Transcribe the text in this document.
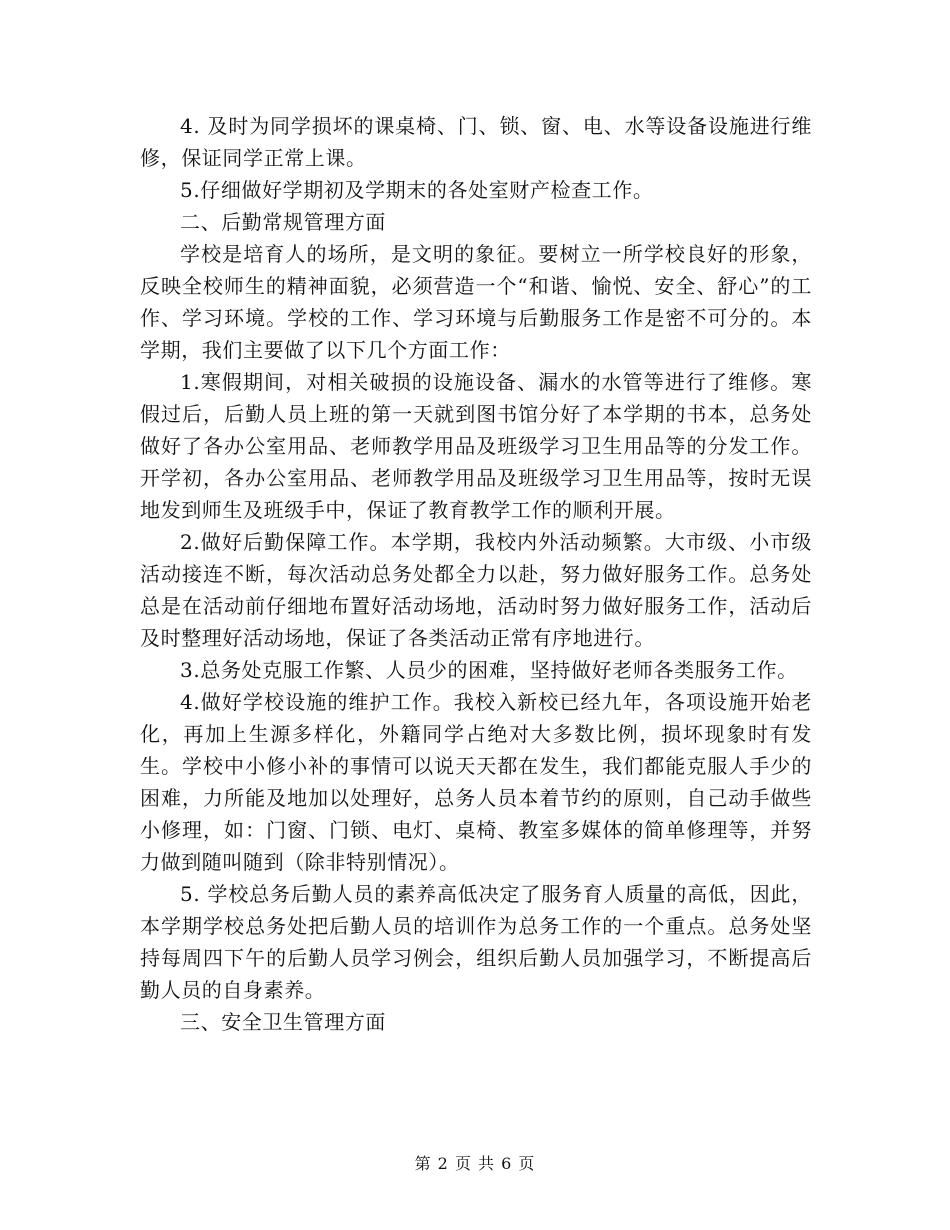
4. 及时为同学损坏的课桌椅、门、锁、窗、电、水等设备设施进行维修，保证同学正常上课。

5.仔细做好学期初及学期末的各处室财产检查工作。

二、后勤常规管理方面

学校是培育人的场所，是文明的象征。要树立一所学校良好的形象，反映全校师生的精神面貌，必须营造一个“和谐、愉悦、安全、舒心”的工作、学习环境。学校的工作、学习环境与后勤服务工作是密不可分的。本学期，我们主要做了以下几个方面工作：

1.寒假期间，对相关破损的设施设备、漏水的水管等进行了维修。寒假过后，后勤人员上班的第一天就到图书馆分好了本学期的书本，总务处做好了各办公室用品、老师教学用品及班级学习卫生用品等的分发工作。开学初，各办公室用品、老师教学用品及班级学习卫生用品等，按时无误地发到师生及班级手中，保证了教育教学工作的顺利开展。

2.做好后勤保障工作。本学期，我校内外活动频繁。大市级、小市级活动接连不断，每次活动总务处都全力以赴，努力做好服务工作。总务处总是在活动前仔细地布置好活动场地，活动时努力做好服务工作，活动后及时整理好活动场地，保证了各类活动正常有序地进行。

3.总务处克服工作繁、人员少的困难，坚持做好老师各类服务工作。

4.做好学校设施的维护工作。我校入新校已经九年，各项设施开始老化，再加上生源多样化，外籍同学占绝对大多数比例，损坏现象时有发生。学校中小修小补的事情可以说天天都在发生，我们都能克服人手少的困难，力所能及地加以处理好，总务人员本着节约的原则，自己动手做些小修理，如：门窗、门锁、电灯、桌椅、教室多媒体的简单修理等，并努力做到随叫随到（除非特别情况）。

5. 学校总务后勤人员的素养高低决定了服务育人质量的高低，因此，本学期学校总务处把后勤人员的培训作为总务工作的一个重点。总务处坚持每周四下午的后勤人员学习例会，组织后勤人员加强学习，不断提高后勤人员的自身素养。

三、安全卫生管理方面

第 2 页 共 6 页
